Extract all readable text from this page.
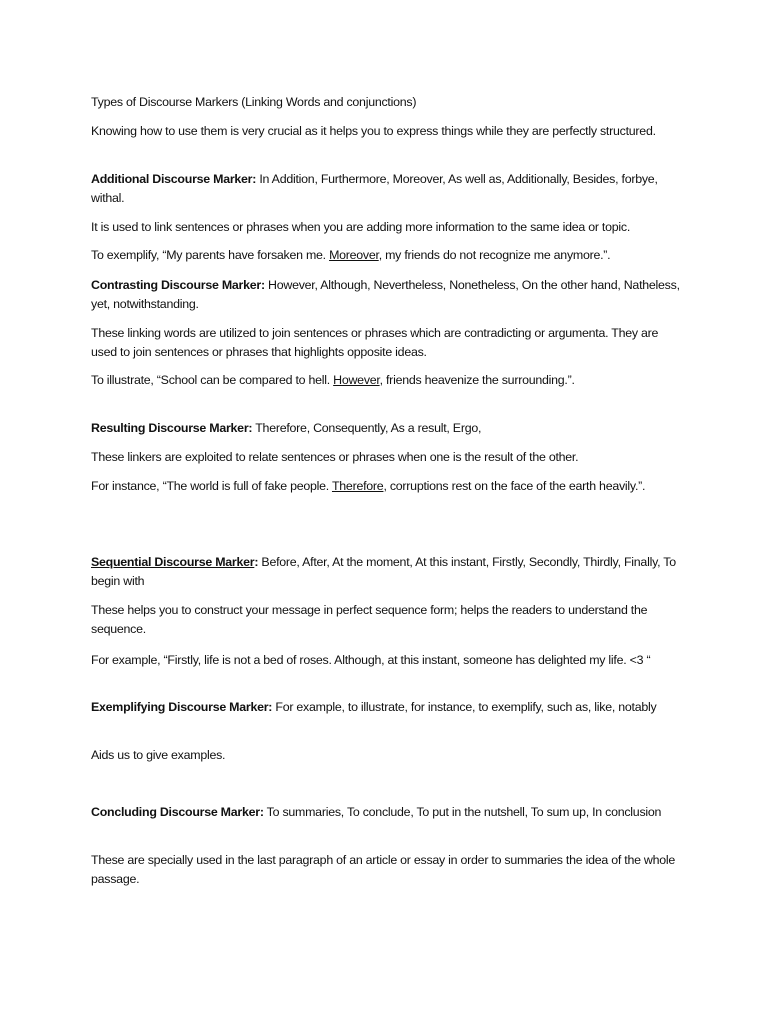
Types of Discourse Markers (Linking Words and conjunctions)
Knowing how to use them is very crucial as it helps you to express things while they are perfectly structured.
Additional Discourse Marker: In Addition, Furthermore, Moreover, As well as, Additionally, Besides, forbye, withal.
It is used to link sentences or phrases when you are adding more information to the same idea or topic.
To exemplify, “My parents have forsaken me. Moreover, my friends do not recognize me anymore.”.
Contrasting Discourse Marker: However, Although, Nevertheless, Nonetheless, On the other hand, Natheless, yet, notwithstanding.
These linking words are utilized to join sentences or phrases which are contradicting or argumenta. They are used to join sentences or phrases that highlights opposite ideas.
To illustrate, “School can be compared to hell. However, friends heavenize the surrounding.”.
Resulting Discourse Marker: Therefore, Consequently, As a result, Ergo,
These linkers are exploited to relate sentences or phrases when one is the result of the other.
For instance, “The world is full of fake people. Therefore, corruptions rest on the face of the earth heavily.”.
Sequential Discourse Marker: Before, After, At the moment, At this instant, Firstly, Secondly, Thirdly, Finally, To begin with
These helps you to construct your message in perfect sequence form; helps the readers to understand the sequence.
For example, “Firstly, life is not a bed of roses. Although, at this instant, someone has delighted my life. <3 “
Exemplifying Discourse Marker: For example, to illustrate, for instance, to exemplify, such as, like, notably
Aids us to give examples.
Concluding Discourse Marker: To summaries, To conclude, To put in the nutshell, To sum up, In conclusion
These are specially used in the last paragraph of an article or essay in order to summaries the idea of the whole passage.
